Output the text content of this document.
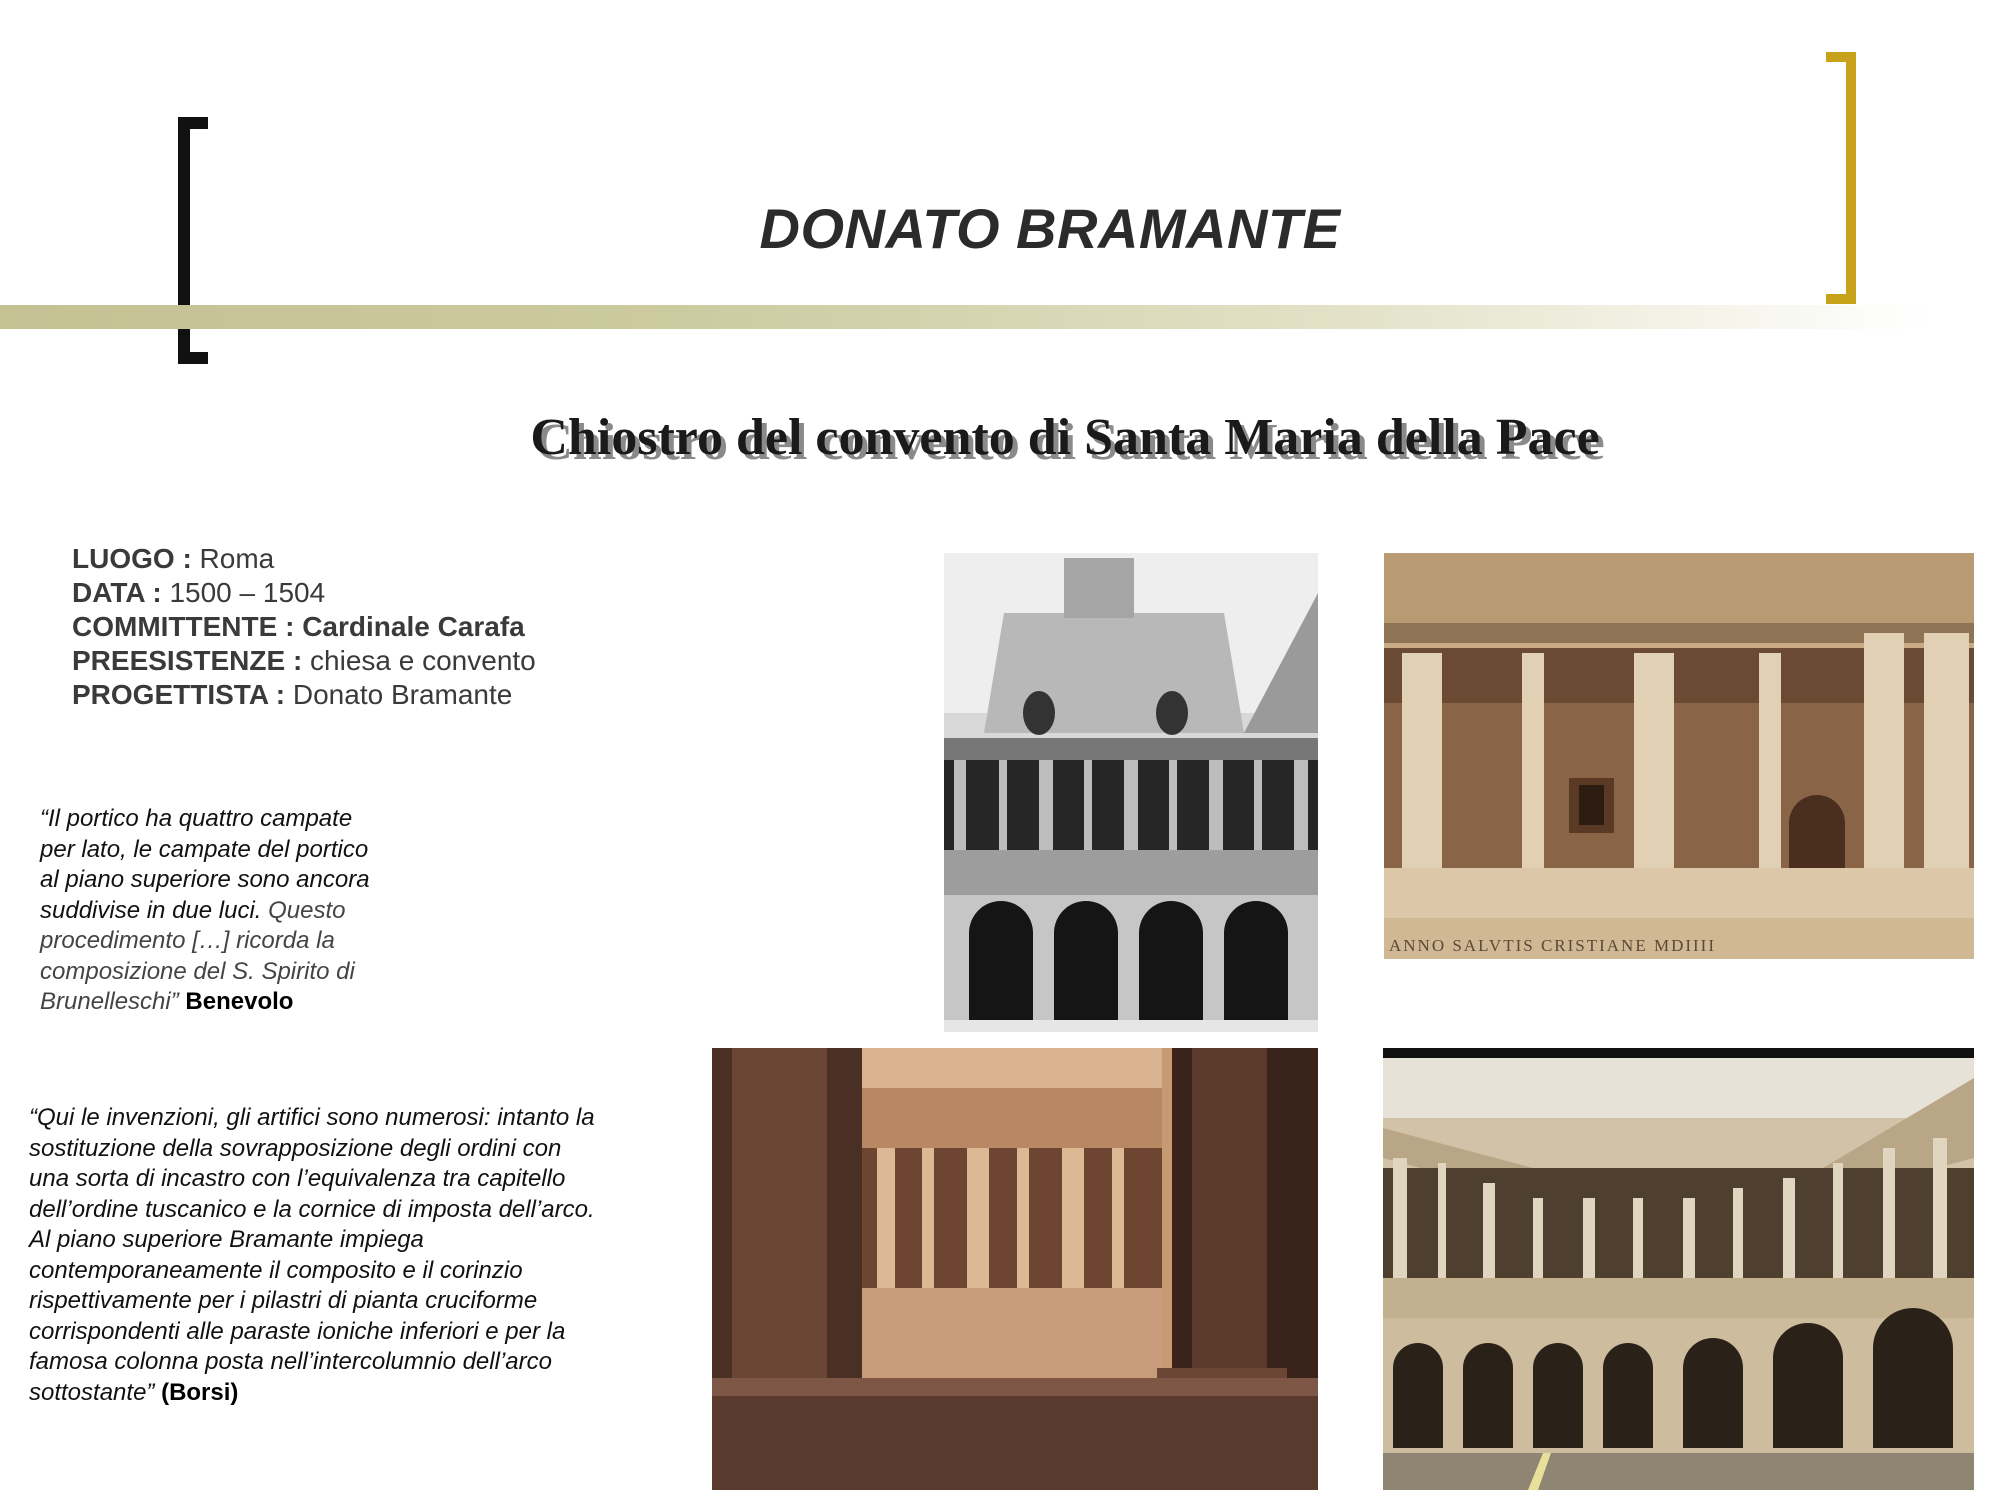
DONATO BRAMANTE
Chiostro del convento di Santa Maria della Pace
LUOGO : Roma
DATA : 1500 – 1504
COMMITTENTE : Cardinale Carafa
PREESISTENZE : chiesa e convento
PROGETTISTA : Donato Bramante
“Il portico ha quattro campate
per lato, le campate del portico
al piano superiore sono ancora
suddivise in due luci. Questo
procedimento […] ricorda la
composizione del S. Spirito di
Brunelleschi” Benevolo
“Qui le invenzioni, gli artifici sono numerosi: intanto la
sostituzione della sovrapposizione degli ordini con
una sorta di incastro con l’equivalenza tra capitello
dell’ordine tuscanico e la cornice di imposta dell’arco.
Al piano superiore Bramante impiega
contemporaneamente il composito e il corinzio
rispettivamente per i pilastri di pianta cruciforme
corrispondenti alle paraste ioniche inferiori e per la
famosa colonna posta nell’intercolumnio dell’arco
sottostante” (Borsi)
ANNO SALVTIS CRISTIANE MDIIII
